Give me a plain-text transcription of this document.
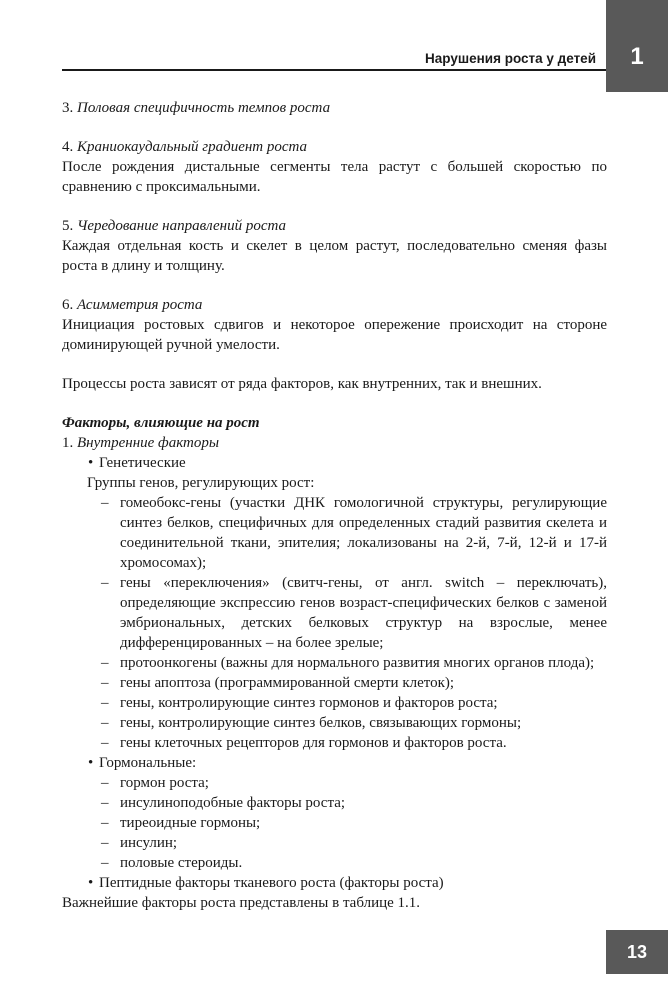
Нарушения роста у детей	1

3. Половая специфичность темпов роста

4. Краниокаудальный градиент роста

После рождения дистальные сегменты тела растут с большей скоростью по сравнению с проксимальными.

5. Чередование направлений роста

Каждая отдельная кость и скелет в целом растут, последовательно сменяя фазы роста в длину и толщину.

6. Асимметрия роста

Инициация ростовых сдвигов и некоторое опережение происходит на стороне доминирующей ручной умелости.

Процессы роста зависят от ряда факторов, как внутренних, так и внешних.

Факторы, влияющие на рост

1. Внутренние факторы

• Генетические

Группы генов, регулирующих рост:

– гомеобокс-гены (участки ДНК гомологичной структуры, регулирующие синтез белков, специфичных для определенных стадий развития скелета и соединительной ткани, эпителия; локализованы на 2-й, 7-й, 12-й и 17-й хромосомах);
– гены «переключения» (свитч-гены, от англ. switch – переключать), определяющие экспрессию генов возраст-специфических белков с заменой эмбриональных, детских белковых структур на взрослые, менее дифференцированных – на более зрелые;
– протоонкогены (важны для нормального развития многих органов плода);
– гены апоптоза (программированной смерти клеток);
– гены, контролирующие синтез гормонов и факторов роста;
– гены, контролирующие синтез белков, связывающих гормоны;
– гены клеточных рецепторов для гормонов и факторов роста.
• Гормональные:
– гормон роста;
– инсулиноподобные факторы роста;
– тиреоидные гормоны;
– инсулин;
– половые стероиды.
• Пептидные факторы тканевого роста (факторы роста)

Важнейшие факторы роста представлены в таблице 1.1.

13
